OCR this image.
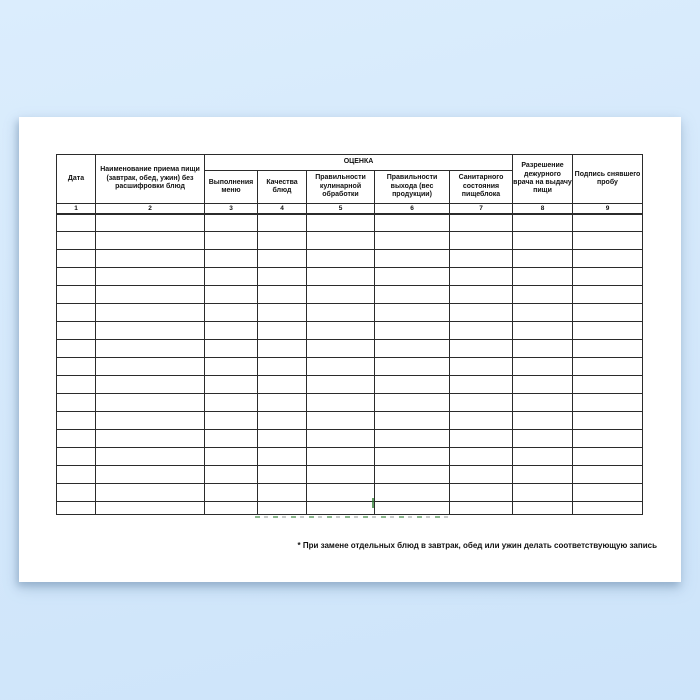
Дата	Наименование приема пищи (завтрак, обед, ужин) без расшифровки блюд	ОЦЕНКА					Разрешение дежурного врача на выдачу пищи	Подпись снявшего пробу
		Выполнения меню	Качества блюд	Правильности кулинарной обработки	Правильности выхода (вес продукции)	Санитарного состояния пищеблока		
1	2	3	4	5	6	7	8	9

* При замене отдельных блюд в завтрак, обед или ужин делать соответствующую запись
